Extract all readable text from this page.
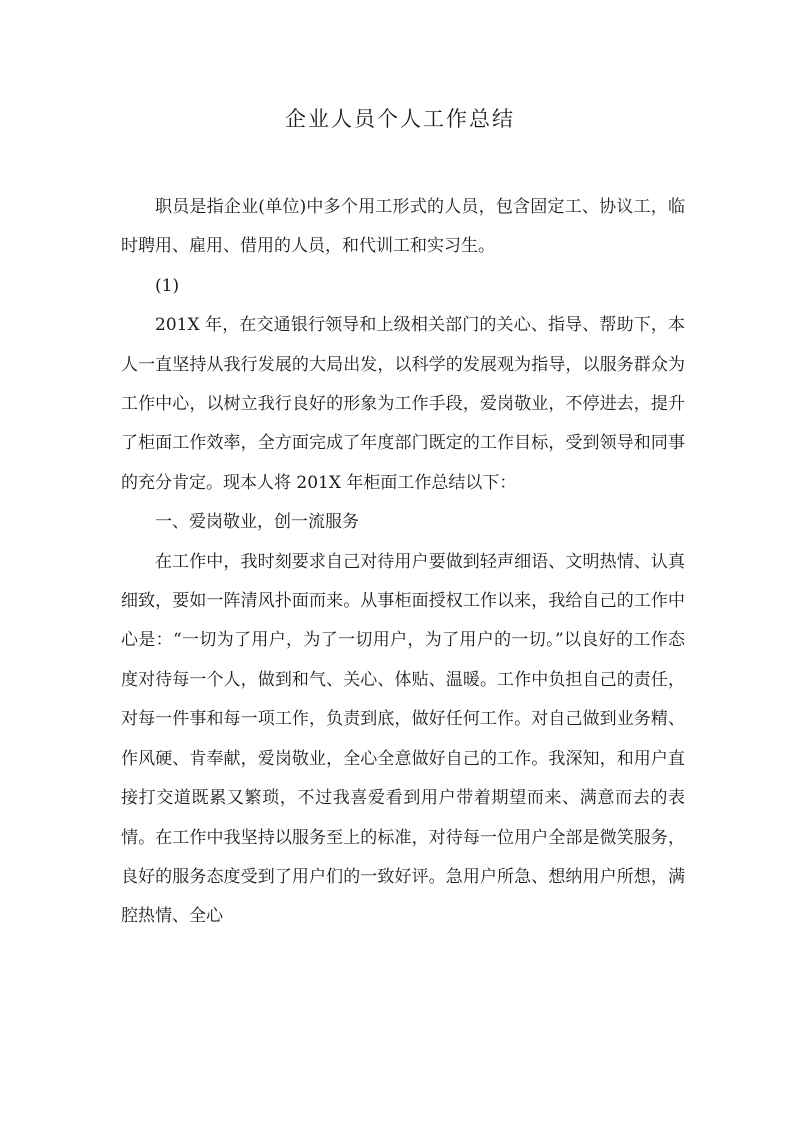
企业人员个人工作总结

职员是指企业(单位)中多个用工形式的人员，包含固定工、协议工，临时聘用、雇用、借用的人员，和代训工和实习生。

(1)

201X 年，在交通银行领导和上级相关部门的关心、指导、帮助下，本人一直坚持从我行发展的大局出发，以科学的发展观为指导，以服务群众为工作中心，以树立我行良好的形象为工作手段，爱岗敬业，不停进去，提升了柜面工作效率，全方面完成了年度部门既定的工作目标，受到领导和同事的充分肯定。现本人将 201X 年柜面工作总结以下：

一、爱岗敬业，创一流服务

在工作中，我时刻要求自己对待用户要做到轻声细语、文明热情、认真细致，要如一阵清风扑面而来。从事柜面授权工作以来，我给自己的工作中心是：“一切为了用户，为了一切用户，为了用户的一切。”以良好的工作态度对待每一个人，做到和气、关心、体贴、温暖。工作中负担自己的责任，对每一件事和每一项工作，负责到底，做好任何工作。对自己做到业务精、作风硬、肯奉献，爱岗敬业，全心全意做好自己的工作。我深知，和用户直接打交道既累又繁琐，不过我喜爱看到用户带着期望而来、满意而去的表情。在工作中我坚持以服务至上的标准，对待每一位用户全部是微笑服务，良好的服务态度受到了用户们的一致好评。急用户所急、想纳用户所想，满腔热情、全心
